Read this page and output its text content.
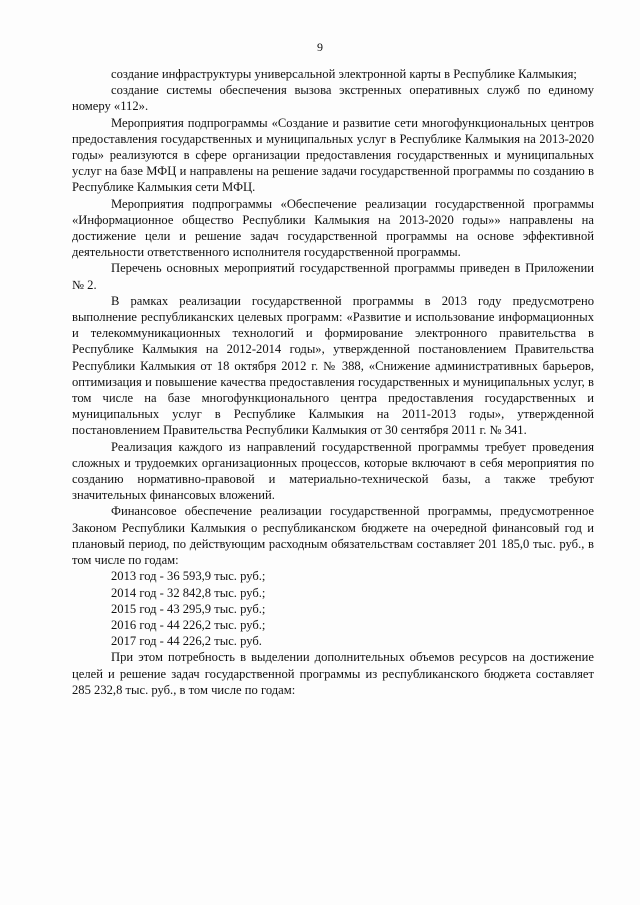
9

создание инфраструктуры универсальной электронной карты в Республике Калмыкия;

создание системы обеспечения вызова экстренных оперативных служб по единому номеру «112».

Мероприятия подпрограммы «Создание и развитие сети многофункциональных центров предоставления государственных и муниципальных услуг в Республике Калмыкия на 2013-2020 годы» реализуются в сфере организации предоставления государственных и муниципальных услуг на базе МФЦ и направлены на решение задачи государственной программы по созданию в Республике Калмыкия сети МФЦ.

Мероприятия подпрограммы «Обеспечение реализации государственной программы «Информационное общество Республики Калмыкия на 2013-2020 годы»» направлены на достижение цели и решение задач государственной программы на основе эффективной деятельности ответственного исполнителя государственной программы.

Перечень основных мероприятий государственной программы приведен в Приложении № 2.

В рамках реализации государственной программы в 2013 году предусмотрено выполнение республиканских целевых программ: «Развитие и использование информационных и телекоммуникационных технологий и формирование электронного правительства в Республике Калмыкия на 2012-2014 годы», утвержденной постановлением Правительства Республики Калмыкия от 18 октября 2012 г. № 388, «Снижение административных барьеров, оптимизация и повышение качества предоставления государственных и муниципальных услуг, в том числе на базе многофункционального центра предоставления государственных и муниципальных услуг в Республике Калмыкия на 2011-2013 годы», утвержденной постановлением Правительства Республики Калмыкия от 30 сентября 2011 г. № 341.

Реализация каждого из направлений государственной программы требует проведения сложных и трудоемких организационных процессов, которые включают в себя мероприятия по созданию нормативно-правовой и материально-технической базы, а также требуют значительных финансовых вложений.

Финансовое обеспечение реализации государственной программы, предусмотренное Законом Республики Калмыкия о республиканском бюджете на очередной финансовый год и плановый период, по действующим расходным обязательствам составляет 201 185,0 тыс. руб., в том числе по годам:

2013 год - 36 593,9 тыс. руб.;

2014 год - 32 842,8 тыс. руб.;

2015 год - 43 295,9 тыс. руб.;

2016 год - 44 226,2 тыс. руб.;

2017 год - 44 226,2 тыс. руб.

При этом потребность в выделении дополнительных объемов ресурсов на достижение целей и решение задач государственной программы из республиканского бюджета составляет 285 232,8 тыс. руб., в том числе по годам:
